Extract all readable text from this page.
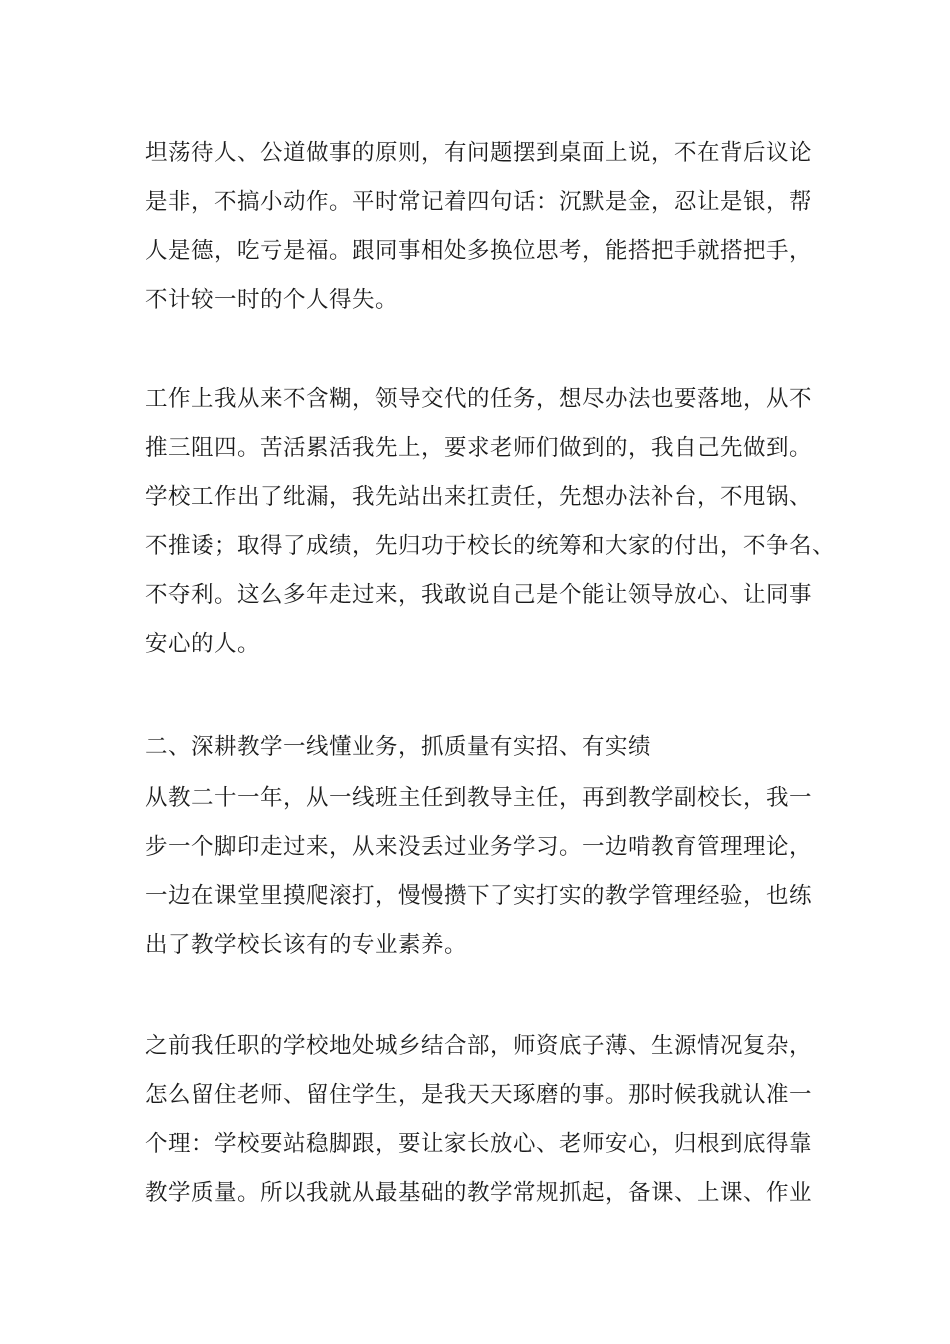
坦荡待人、公道做事的原则，有问题摆到桌面上说，不在背后议论
是非，不搞小动作。平时常记着四句话：沉默是金，忍让是银，帮
人是德，吃亏是福。跟同事相处多换位思考，能搭把手就搭把手，
不计较一时的个人得失。
工作上我从来不含糊，领导交代的任务，想尽办法也要落地，从不
推三阻四。苦活累活我先上，要求老师们做到的，我自己先做到。
学校工作出了纰漏，我先站出来扛责任，先想办法补台，不甩锅、
不推诿；取得了成绩，先归功于校长的统筹和大家的付出，不争名、
不夺利。这么多年走过来，我敢说自己是个能让领导放心、让同事
安心的人。
二、深耕教学一线懂业务，抓质量有实招、有实绩
从教二十一年，从一线班主任到教导主任，再到教学副校长，我一
步一个脚印走过来，从来没丢过业务学习。一边啃教育管理理论，
一边在课堂里摸爬滚打，慢慢攒下了实打实的教学管理经验，也练
出了教学校长该有的专业素养。
之前我任职的学校地处城乡结合部，师资底子薄、生源情况复杂，
怎么留住老师、留住学生，是我天天琢磨的事。那时候我就认准一
个理：学校要站稳脚跟，要让家长放心、老师安心，归根到底得靠
教学质量。所以我就从最基础的教学常规抓起，备课、上课、作业
